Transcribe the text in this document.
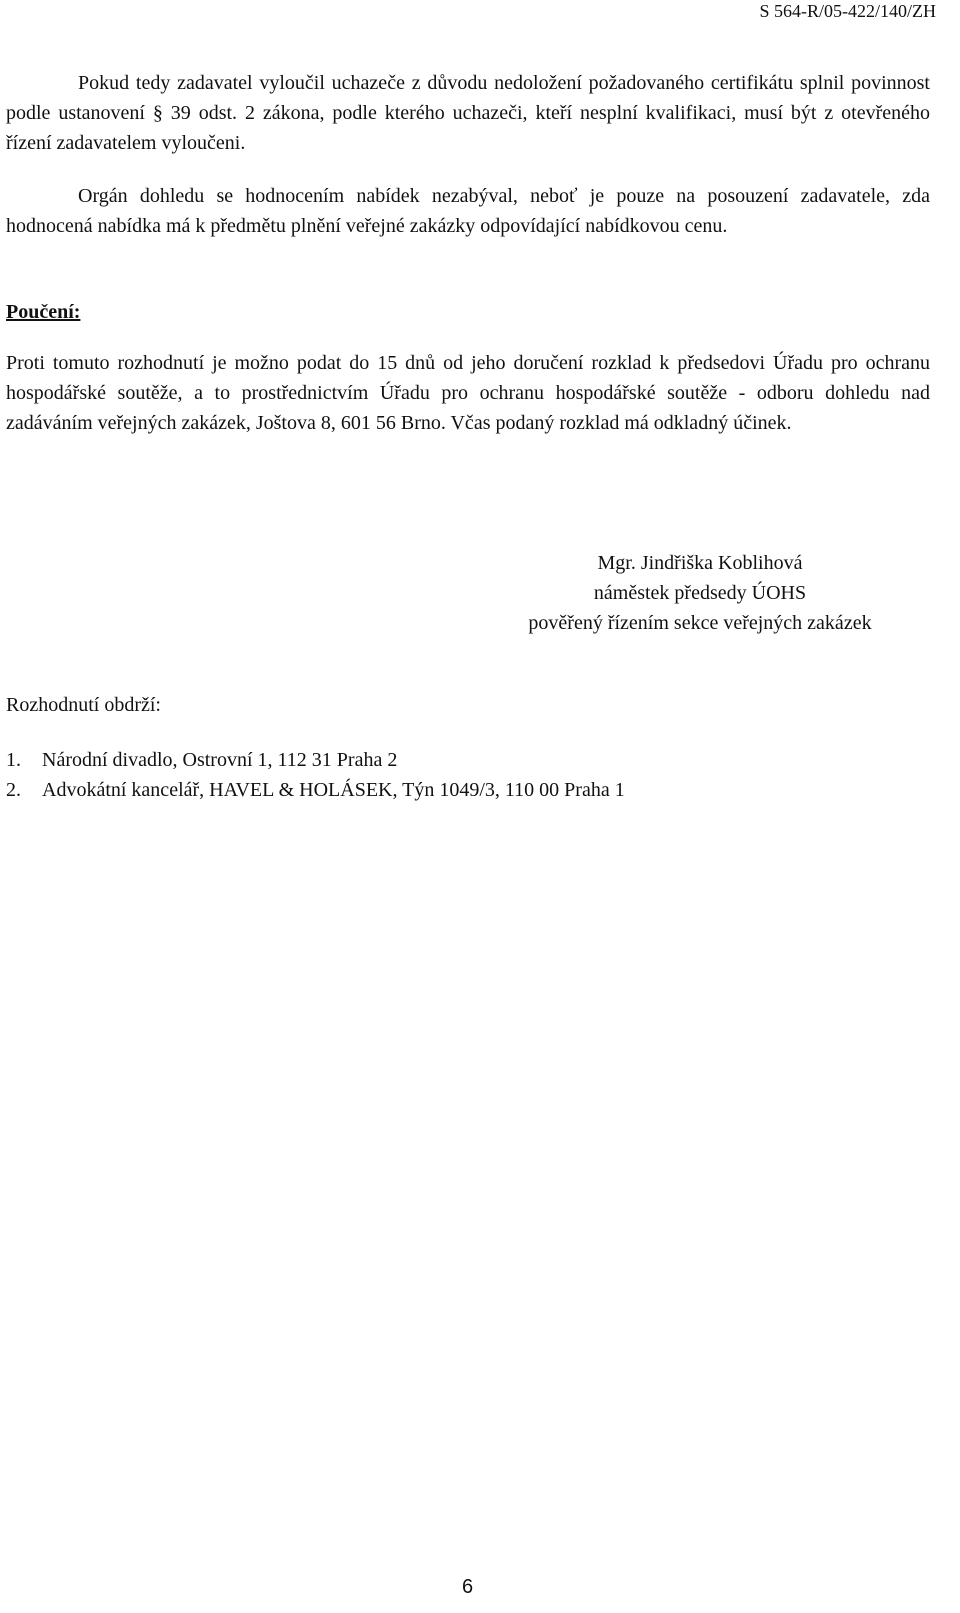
S 564-R/05-422/140/ZH

Pokud tedy zadavatel vyloučil uchazeče z důvodu nedoložení požadovaného certifikátu splnil povinnost podle ustanovení § 39 odst. 2 zákona, podle kterého uchazeči, kteří nesplní kvalifikaci, musí být z otevřeného řízení zadavatelem vyloučeni.

Orgán dohledu se hodnocením nabídek nezabýval, neboť je pouze na posouzení zadavatele, zda hodnocená nabídka má k předmětu plnění veřejné zakázky odpovídající nabídkovou cenu.

Poučení:

Proti tomuto rozhodnutí je možno podat do 15 dnů od jeho doručení rozklad k předsedovi Úřadu pro ochranu hospodářské soutěže, a to prostřednictvím Úřadu pro ochranu hospodářské soutěže - odboru dohledu nad zadáváním veřejných zakázek, Joštova 8, 601 56 Brno. Včas podaný rozklad má odkladný účinek.

Mgr. Jindřiška Koblihová
náměstek předsedy ÚOHS
pověřený řízením sekce veřejných zakázek
Rozhodnutí obdrží:
1. Národní divadlo, Ostrovní 1, 112 31 Praha 2
2. Advokátní kancelář, HAVEL & HOLÁSEK, Týn 1049/3, 110 00 Praha 1
6
